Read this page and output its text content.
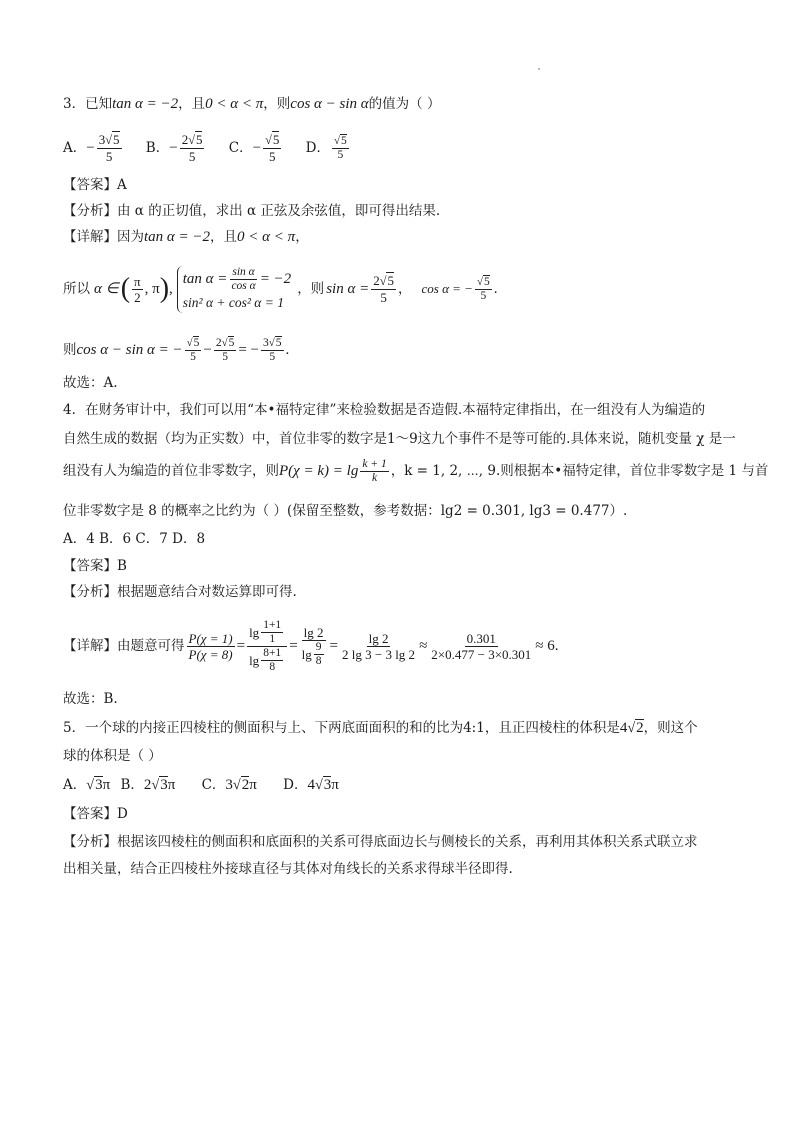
3．已知tan α = −2，且0 < α < π，则cos α − sin α的值为（ ）
A．− $\frac{3√5}{5}$ B．− $\frac{2√5}{5}$ C．− $\frac{√5}{5}$ D． $\frac{√5}{5}$
【答案】A
【分析】由 α 的正切值，求出 α 正弦及余弦值，即可得出结果.
【详解】因为tan α = −2，且0 < α < π，
所以 α ∈ ( $\frac{\pi}{2}$ , π ) ,
$\tan \alpha = \frac{\text{sin α}}{\text{cos α}} = -2$
sin² α + cos² α = 1
，则 $\sin \alpha = \frac{2√5}{5}$ ， cos α = − $\frac{√5}{5}$ .
则 cos α − sin α = − $\frac{√5}{5} - \frac{2√5}{5}$ = − $\frac{3√5}{5}$ .
故选：A.
4．在财务审计中，我们可以用“本•福特定律”来检验数据是否造假.本福特定律指出，在一组没有人为编造的
自然生成的数据（均为正实数）中，首位非零的数字是1～9这九个事件不是等可能的.具体来说，随机变量 χ 是一
组没有人为编造的首位非零数字，则 $P(\chi = k) = \lg \frac{k + 1}{k}$ ，k = 1, 2, ⋯, 9.则根据本•福特定律，首位非零数字是 1 与首
位非零数字是 8 的概率之比约为（ ）(保留至整数，参考数据：lg2 = 0.301, lg3 = 0.477）.
A．4 B．6 C．7 D．8
【答案】B
【分析】根据题意结合对数运算即可得.
【详解】由题意可得 $\frac{P(\chi = 1)}{P(\chi = 8)} = \frac{\lg \frac{1+1}{1}}{\lg \frac{8+1}{8}} = \frac{\lg 2}{\lg \frac{9}{8}} = \frac{\lg 2}{2 \lg 3 - 3 \lg 2} \approx \frac{0.301}{2\times 0.477 - 3\times 0.301} \approx 6$.
故选：B.
5．一个球的内接正四棱柱的侧面积与上、下两底面面积的和的比为4:1，且正四棱柱的体积是4√2，则这个
球的体积是（ ）
A．√3π B．2√3π C．3√2π D．4√3π
【答案】D
【分析】根据该四棱柱的侧面积和底面积的关系可得底面边长与侧棱长的关系，再利用其体积关系式联立求
出相关量，结合正四棱柱外接球直径与其体对角线长的关系求得球半径即得.
